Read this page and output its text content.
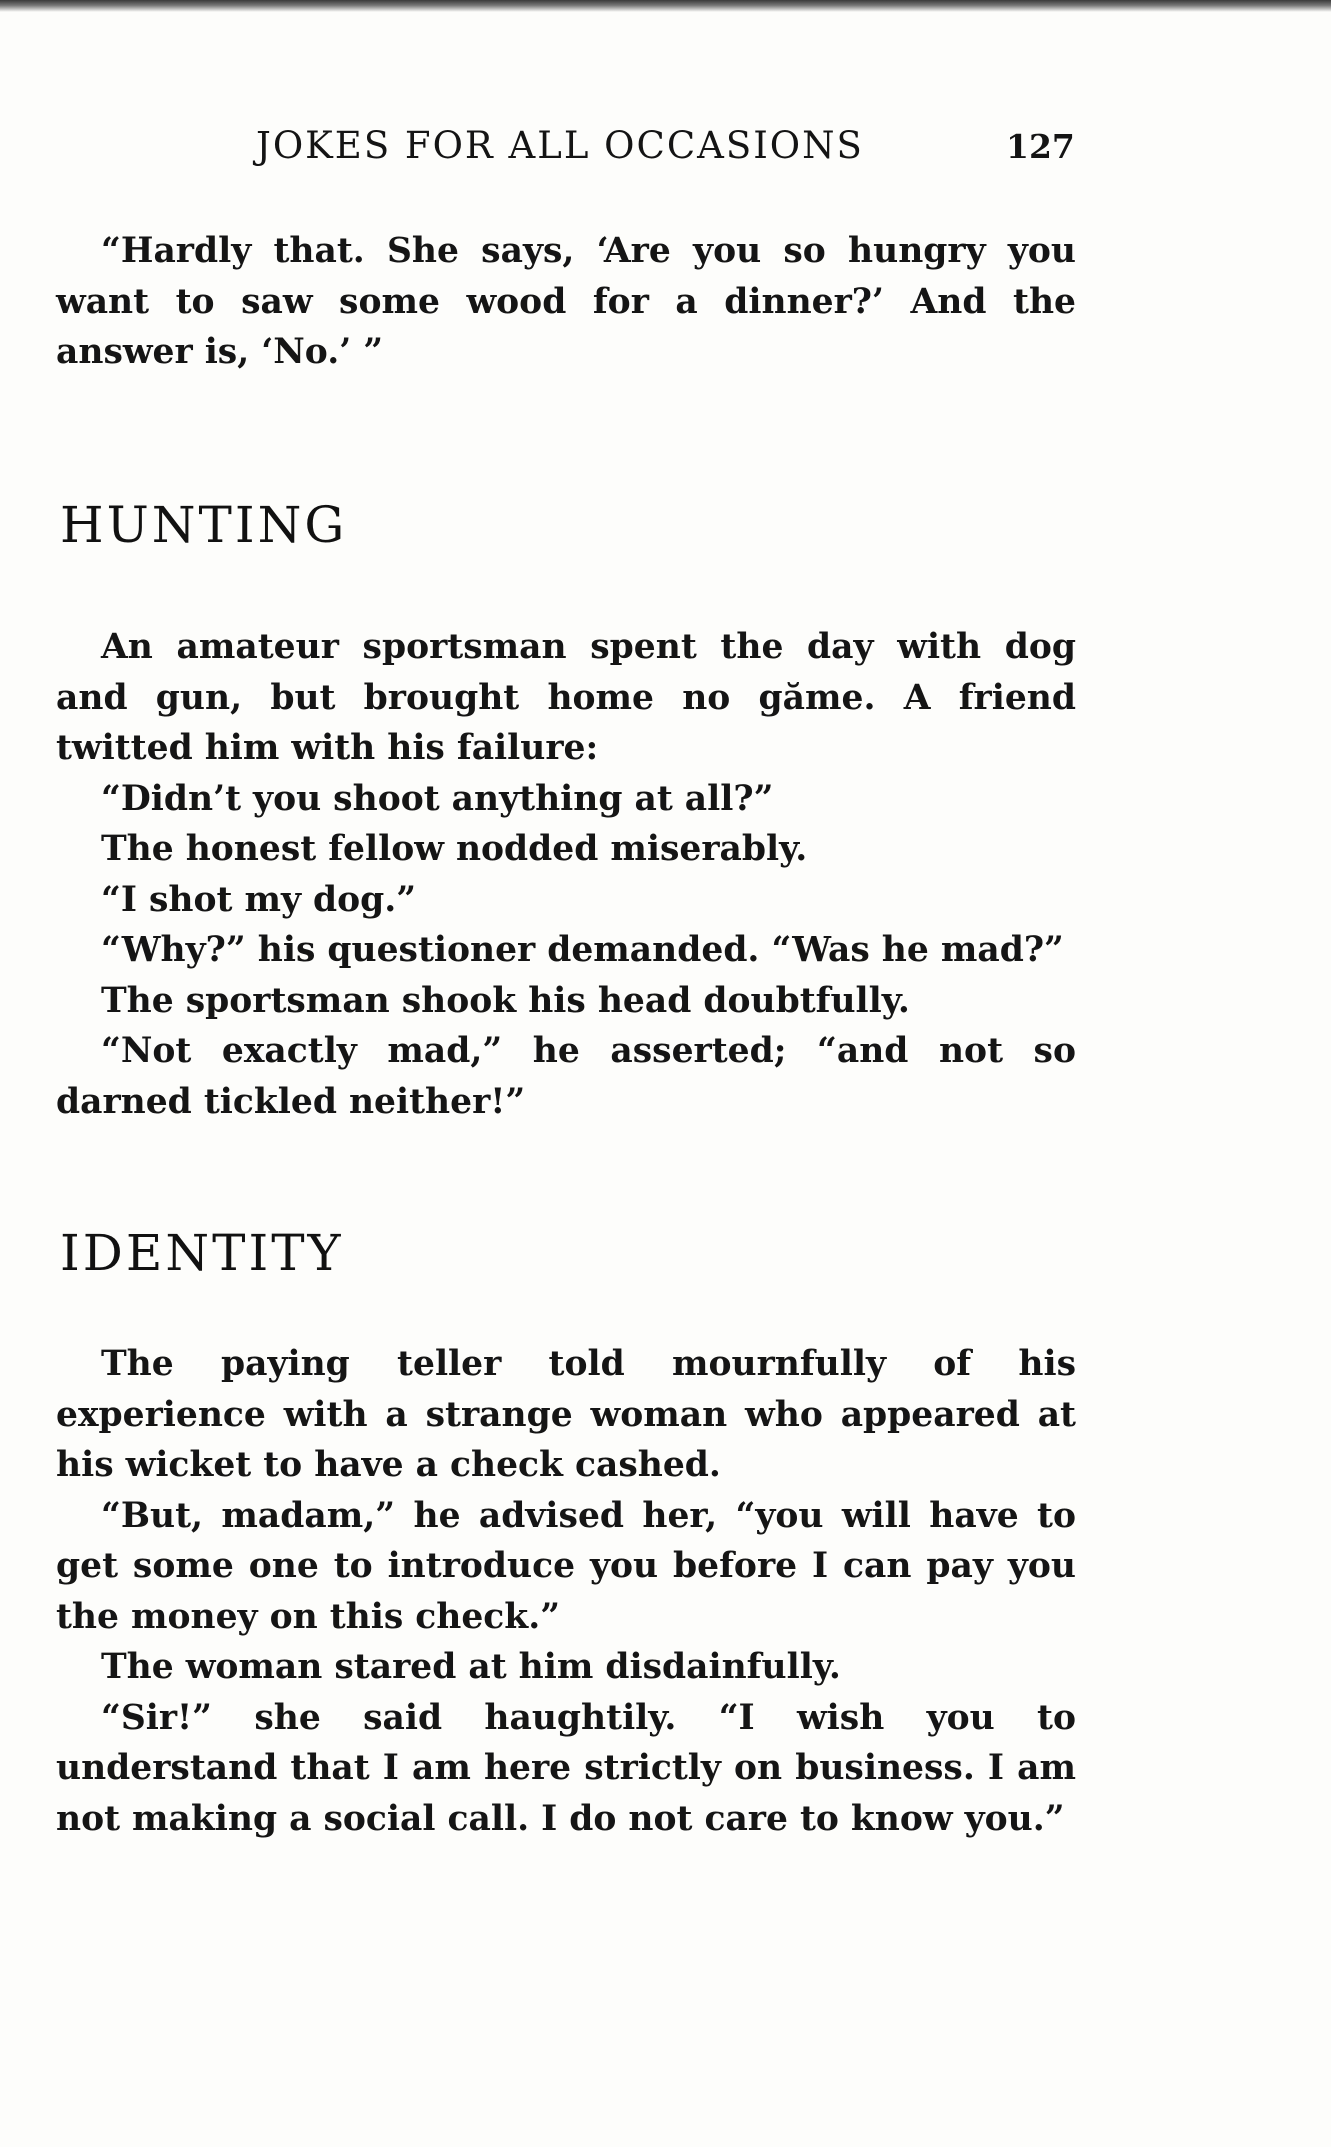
JOKES FOR ALL OCCASIONS	127

“Hardly that. She says, ‘Are you so hungry you want to saw some wood for a dinner?’ And the answer is, ‘No.’ ”

HUNTING

An amateur sportsman spent the day with dog and gun, but brought home no găme. A friend twitted him with his failure:

“Didn’t you shoot anything at all?”

The honest fellow nodded miserably.

“I shot my dog.”

“Why?” his questioner demanded. “Was he mad?”

The sportsman shook his head doubtfully.

“Not exactly mad,” he asserted; “and not so darned tickled neither!”

IDENTITY

The paying teller told mournfully of his experience with a strange woman who appeared at his wicket to have a check cashed.

“But, madam,” he advised her, “you will have to get some one to introduce you before I can pay you the money on this check.”

The woman stared at him disdainfully.

“Sir!” she said haughtily. “I wish you to understand that I am here strictly on business. I am not making a social call. I do not care to know you.”
